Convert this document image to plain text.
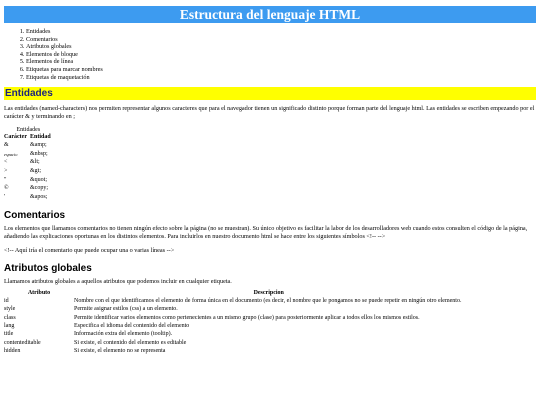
Estructura del lenguaje HTML
1. Entidades
2. Comentarios
3. Atributos globales
4. Elementos de bloque
5. Elementos de línea
6. Etiquetas para marcar nombres
7. Etiquetas de maquetación
Entidades

Las entidades (named-characters) nos permiten representar algunos caracteres que para el navegador tienen un significado distinto porque forman parte del lenguaje html. Las entidades se escriben empezando por el carácter & y terminando en ;

Entidades
Carácter	Entidad
&	&amp;
espacio	&nbsp;
<	&lt;
>	&gt;
"	&quot;
©	&copy;
'	&apos;
Comentarios

Los elementos que llamamos comentarios no tienen ningún efecto sobre la página (no se muestran). Su único objetivo es facilitar la labor de los desarrolladores web cuando estos consulten el código de la página, añadiendo las explicaciones oportunas en los distintos elementos. Para incluirlos en nuestro documento html se hace entre los siguientes símbolos <!-- -->

<!-- Aquí iría el comentario que puede ocupar una o varias líneas -->

Atributos globales

Llamamos atributos globales a aquellos atributos que podemos incluir en cualquier etiqueta.

Atributo	Descripcion
id	Nombre con el que identificamos el elemento de forma única en el documento (es decir, el nombre que le pongamos no se puede repetir en ningún otro elemento.
style	Permite asignar estilos (css) a un elemento.
class	Permite identificar varios elementos como pertenecientes a un mismo grupo (clase) para posteriormente aplicar a todos ellos los mismos estilos.
lang	Especifica el idioma del contenido del elemento
title	Información extra del elemento (tooltip).
contenteditable	Si existe, el contenido del elemento es editable
hidden	Si existe, el elemento no se representa
